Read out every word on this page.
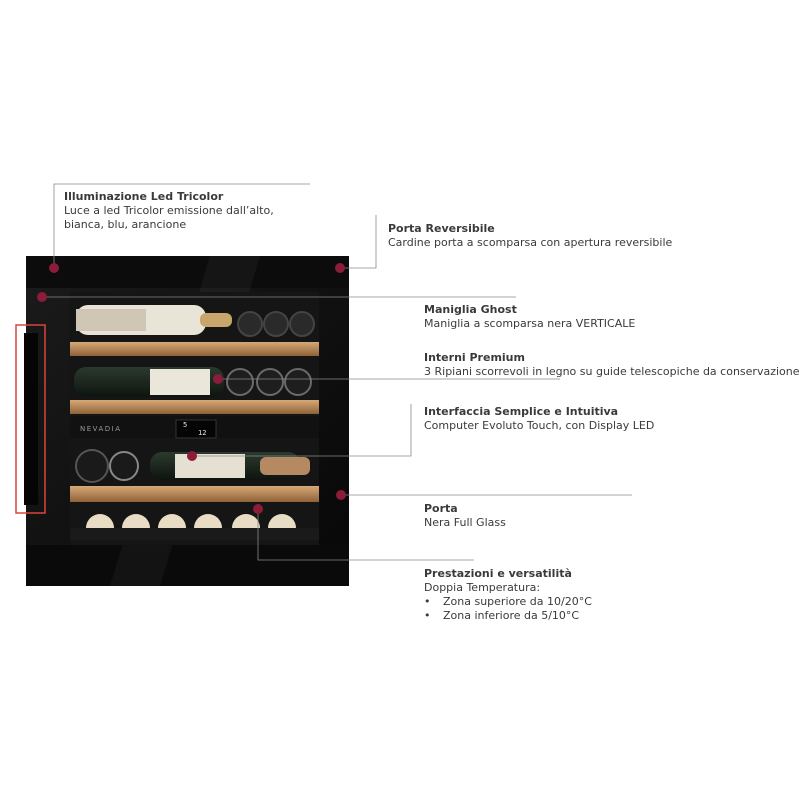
NEVADIA	5
12
Illuminazione Led Tricolor
Luce a led Tricolor emissione dall’alto,
bianca, blu, arancione	Porta Reversibile
Cardine porta a scomparsa con apertura reversibile
Maniglia Ghost
Maniglia a scomparsa nera VERTICALE
Interni Premium
3 Ripiani scorrevoli in legno su guide telescopiche da conservazione
Interfaccia Semplice e Intuitiva
Computer Evoluto Touch, con Display LED
Porta
Nera Full Glass
Prestazioni e versatilità
Doppia Temperatura:
• Zona superiore da 10/20°C
• Zona inferiore da 5/10°C
